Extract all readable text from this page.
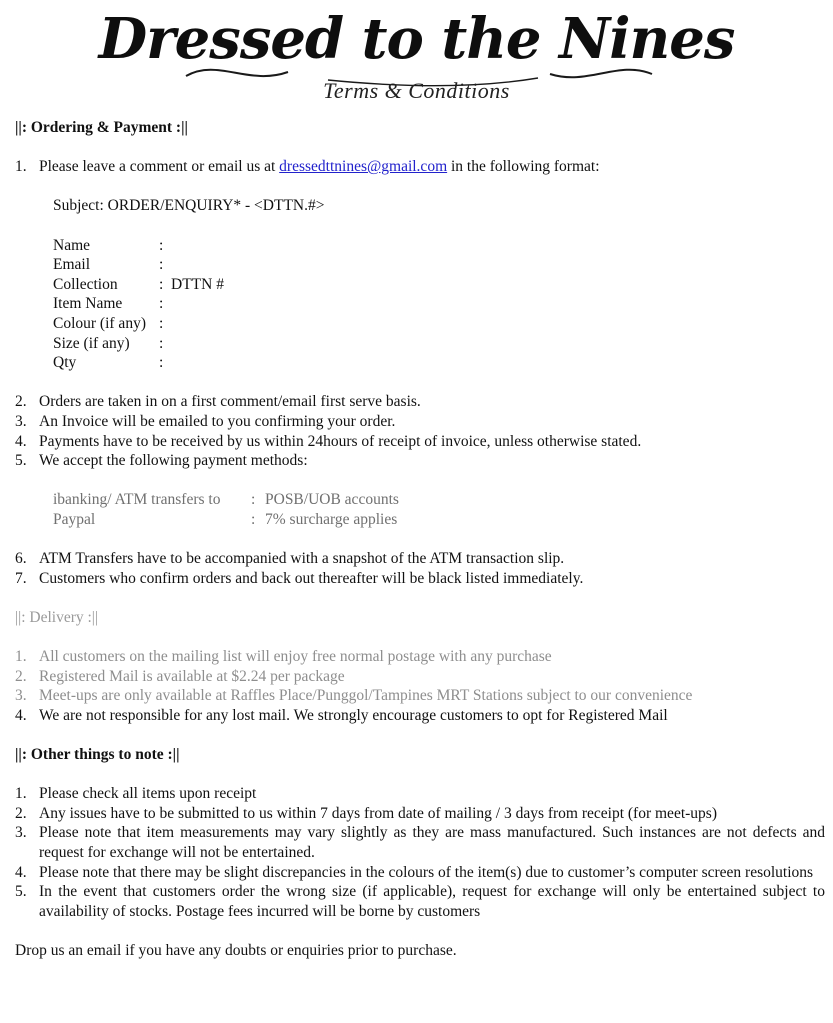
Dressed to the Nines
Terms & Conditions
||: Ordering & Payment :||
1. Please leave a comment or email us at dressedttnines@gmail.com in the following format:
Subject: ORDER/ENQUIRY* - <DTTN.#>
Name	:
Email	:
Collection	: DTTN #
Item Name	:
Colour (if any) :
Size (if any)	:
Qty	:
2. Orders are taken in on a first comment/email first serve basis.
3. An Invoice will be emailed to you confirming your order.
4. Payments have to be received by us within 24hours of receipt of invoice, unless otherwise stated.
5. We accept the following payment methods:
ibanking/ ATM transfers to	: POSB/UOB accounts
Paypal	: 7% surcharge applies
6. ATM Transfers have to be accompanied with a snapshot of the ATM transaction slip.
7. Customers who confirm orders and back out thereafter will be black listed immediately.
||: Delivery :||
1. All customers on the mailing list will enjoy free normal postage with any purchase
2. Registered Mail is available at $2.24 per package
3. Meet-ups are only available at Raffles Place/Punggol/Tampines MRT Stations subject to our convenience
4. We are not responsible for any lost mail. We strongly encourage customers to opt for Registered Mail
||: Other things to note :||
1. Please check all items upon receipt
2. Any issues have to be submitted to us within 7 days from date of mailing / 3 days from receipt (for meet-ups)
3. Please note that item measurements may vary slightly as they are mass manufactured. Such instances are not defects and request for exchange will not be entertained.
4. Please note that there may be slight discrepancies in the colours of the item(s) due to customer’s computer screen resolutions
5. In the event that customers order the wrong size (if applicable), request for exchange will only be entertained subject to availability of stocks. Postage fees incurred will be borne by customers
Drop us an email if you have any doubts or enquiries prior to purchase.
